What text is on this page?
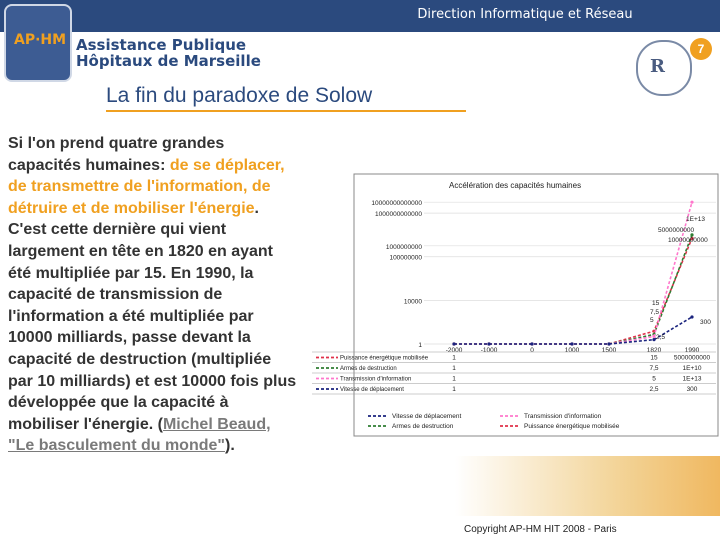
Direction Informatique et Réseau
AP·HM Assistance Publique
Hôpitaux de Marseille
7
R
La fin du paradoxe de Solow
Si l'on prend quatre grandes capacités humaines: de se déplacer, de transmettre de l'information, de détruire et de mobiliser l'énergie. C'est cette dernière qui vient largement en tête en 1820 en ayant été multipliée par 15. En 1990, la capacité de transmission de l'information a été multipliée par 10000 milliards, passe devant la capacité de destruction (multipliée par 10 milliards) et est 10000 fois plus développée que la capacité à mobiliser l'énergie. (Michel Beaud, "Le basculement du monde").
Accélération des capacités humaines
10000000000000
1000000000000
1000000000
100000000
10000
1
-2000	-1000	0	1000	1500	1820	1990
1E+13
5000000000
10000000000
15
7,5
5
2,5
300
Puissance énergétique mobilisée	1	15	5000000000
Armes de destruction	1	7,5	1E+10
Transmission d'information	1	5	1E+13
Vitesse de déplacement	1	2,5	300
Vitesse de déplacement	Transmission d'information
Armes de destruction	Puissance énergétique mobilisée
Copyright AP-HM HIT 2008 - Paris
